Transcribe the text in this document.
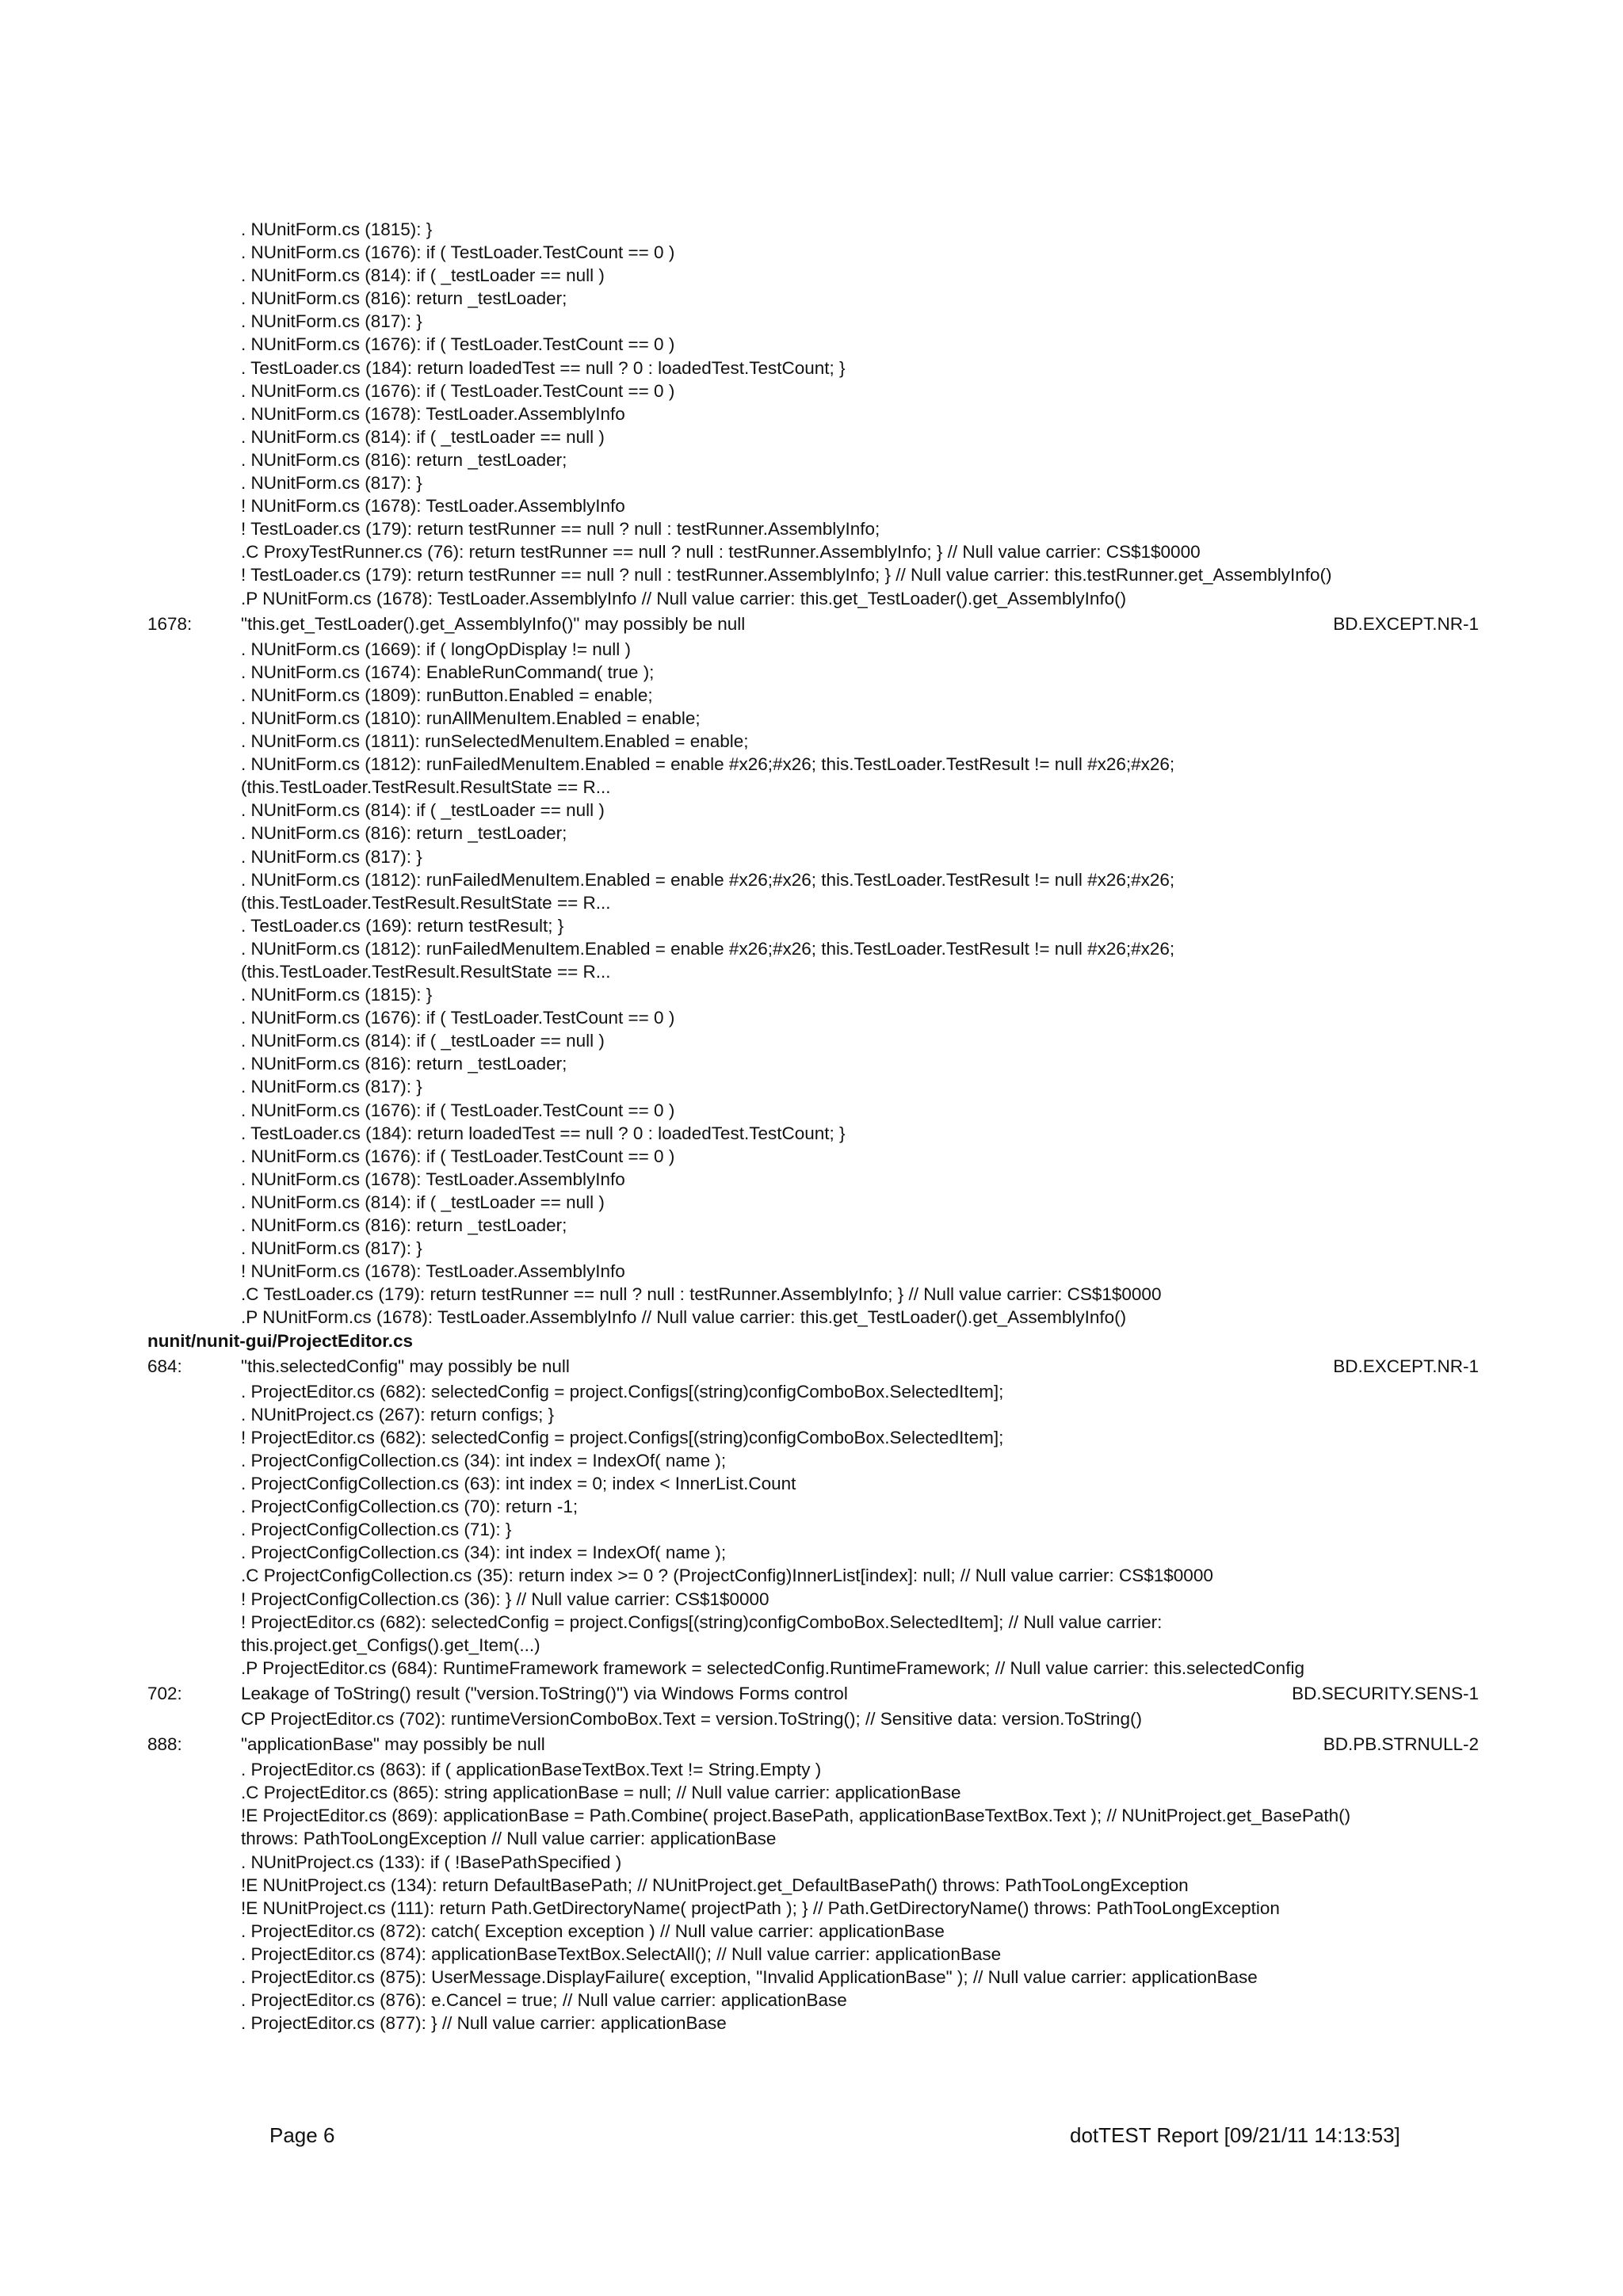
. NUnitForm.cs (1815): }
. NUnitForm.cs (1676): if ( TestLoader.TestCount == 0 )
. NUnitForm.cs (814): if ( _testLoader == null )
. NUnitForm.cs (816): return _testLoader;
. NUnitForm.cs (817): }
. NUnitForm.cs (1676): if ( TestLoader.TestCount == 0 )
. TestLoader.cs (184): return loadedTest == null ? 0 : loadedTest.TestCount; }
. NUnitForm.cs (1676): if ( TestLoader.TestCount == 0 )
. NUnitForm.cs (1678): TestLoader.AssemblyInfo
. NUnitForm.cs (814): if ( _testLoader == null )
. NUnitForm.cs (816): return _testLoader;
. NUnitForm.cs (817): }
! NUnitForm.cs (1678): TestLoader.AssemblyInfo
! TestLoader.cs (179): return testRunner == null ? null : testRunner.AssemblyInfo;
.C ProxyTestRunner.cs (76): return testRunner == null ? null : testRunner.AssemblyInfo; } // Null value carrier: CS$1$0000
! TestLoader.cs (179): return testRunner == null ? null : testRunner.AssemblyInfo; } // Null value carrier: this.testRunner.get_AssemblyInfo()
.P NUnitForm.cs (1678): TestLoader.AssemblyInfo // Null value carrier: this.get_TestLoader().get_AssemblyInfo()
1678:	"this.get_TestLoader().get_AssemblyInfo()" may possibly be null	BD.EXCEPT.NR-1
. NUnitForm.cs (1669): if ( longOpDisplay != null )
. NUnitForm.cs (1674): EnableRunCommand( true );
. NUnitForm.cs (1809): runButton.Enabled = enable;
. NUnitForm.cs (1810): runAllMenuItem.Enabled = enable;
. NUnitForm.cs (1811): runSelectedMenuItem.Enabled = enable;
. NUnitForm.cs (1812): runFailedMenuItem.Enabled = enable #x26;#x26; this.TestLoader.TestResult != null #x26;#x26;
(this.TestLoader.TestResult.ResultState == R...
. NUnitForm.cs (814): if ( _testLoader == null )
. NUnitForm.cs (816): return _testLoader;
. NUnitForm.cs (817): }
. NUnitForm.cs (1812): runFailedMenuItem.Enabled = enable #x26;#x26; this.TestLoader.TestResult != null #x26;#x26;
(this.TestLoader.TestResult.ResultState == R...
. TestLoader.cs (169): return testResult; }
. NUnitForm.cs (1812): runFailedMenuItem.Enabled = enable #x26;#x26; this.TestLoader.TestResult != null #x26;#x26;
(this.TestLoader.TestResult.ResultState == R...
. NUnitForm.cs (1815): }
. NUnitForm.cs (1676): if ( TestLoader.TestCount == 0 )
. NUnitForm.cs (814): if ( _testLoader == null )
. NUnitForm.cs (816): return _testLoader;
. NUnitForm.cs (817): }
. NUnitForm.cs (1676): if ( TestLoader.TestCount == 0 )
. TestLoader.cs (184): return loadedTest == null ? 0 : loadedTest.TestCount; }
. NUnitForm.cs (1676): if ( TestLoader.TestCount == 0 )
. NUnitForm.cs (1678): TestLoader.AssemblyInfo
. NUnitForm.cs (814): if ( _testLoader == null )
. NUnitForm.cs (816): return _testLoader;
. NUnitForm.cs (817): }
! NUnitForm.cs (1678): TestLoader.AssemblyInfo
.C TestLoader.cs (179): return testRunner == null ? null : testRunner.AssemblyInfo; } // Null value carrier: CS$1$0000
.P NUnitForm.cs (1678): TestLoader.AssemblyInfo // Null value carrier: this.get_TestLoader().get_AssemblyInfo()
nunit/nunit-gui/ProjectEditor.cs
684:	"this.selectedConfig" may possibly be null	BD.EXCEPT.NR-1
. ProjectEditor.cs (682): selectedConfig = project.Configs[(string)configComboBox.SelectedItem];
. NUnitProject.cs (267): return configs; }
! ProjectEditor.cs (682): selectedConfig = project.Configs[(string)configComboBox.SelectedItem];
. ProjectConfigCollection.cs (34): int index = IndexOf( name );
. ProjectConfigCollection.cs (63): int index = 0; index < InnerList.Count
. ProjectConfigCollection.cs (70): return -1;
. ProjectConfigCollection.cs (71): }
. ProjectConfigCollection.cs (34): int index = IndexOf( name );
.C ProjectConfigCollection.cs (35): return index >= 0 ? (ProjectConfig)InnerList[index]: null; // Null value carrier: CS$1$0000
! ProjectConfigCollection.cs (36): } // Null value carrier: CS$1$0000
! ProjectEditor.cs (682): selectedConfig = project.Configs[(string)configComboBox.SelectedItem]; // Null value carrier:
this.project.get_Configs().get_Item(...)
.P ProjectEditor.cs (684): RuntimeFramework framework = selectedConfig.RuntimeFramework; // Null value carrier: this.selectedConfig
702:	Leakage of ToString() result ("version.ToString()") via Windows Forms control	BD.SECURITY.SENS-1
CP ProjectEditor.cs (702): runtimeVersionComboBox.Text = version.ToString(); // Sensitive data: version.ToString()
888:	"applicationBase" may possibly be null	BD.PB.STRNULL-2
. ProjectEditor.cs (863): if ( applicationBaseTextBox.Text != String.Empty )
.C ProjectEditor.cs (865): string applicationBase = null; // Null value carrier: applicationBase
!E ProjectEditor.cs (869): applicationBase = Path.Combine( project.BasePath, applicationBaseTextBox.Text ); // NUnitProject.get_BasePath()
throws: PathTooLongException // Null value carrier: applicationBase
. NUnitProject.cs (133): if ( !BasePathSpecified )
!E NUnitProject.cs (134): return DefaultBasePath; // NUnitProject.get_DefaultBasePath() throws: PathTooLongException
!E NUnitProject.cs (111): return Path.GetDirectoryName( projectPath ); } // Path.GetDirectoryName() throws: PathTooLongException
. ProjectEditor.cs (872): catch( Exception exception ) // Null value carrier: applicationBase
. ProjectEditor.cs (874): applicationBaseTextBox.SelectAll(); // Null value carrier: applicationBase
. ProjectEditor.cs (875): UserMessage.DisplayFailure( exception, "Invalid ApplicationBase" ); // Null value carrier: applicationBase
. ProjectEditor.cs (876): e.Cancel = true; // Null value carrier: applicationBase
. ProjectEditor.cs (877): } // Null value carrier: applicationBase
Page 6	dotTEST Report [09/21/11 14:13:53]
